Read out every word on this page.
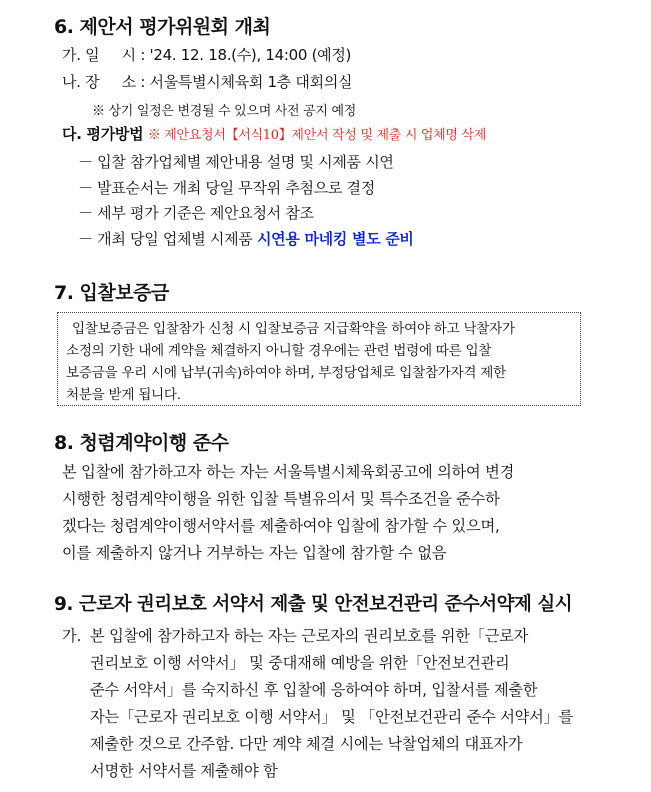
6. 제안서 평가위원회 개최
가. 일     시 : '24. 12. 18.(수), 14:00 (예정)
나. 장     소 : 서울특별시체육회 1층 대회의실
※ 상기 일정은 변경될 수 있으며 사전 공지 예정
다. 평가방법 ※ 제안요청서【서식10】제안서 작성 및 제출 시 업체명 삭제
－ 입찰 참가업체별 제안내용 설명 및 시제품 시연
－ 발표순서는 개최 당일 무작위 추첨으로 결정
－ 세부 평가 기준은 제안요청서 참조
－ 개최 당일 업체별 시제품 시연용 마네킹 별도 준비
7. 입찰보증금
입찰보증금은 입찰참가 신청 시 입찰보증금 지급확약을 하여야 하고 낙찰자가
소정의 기한 내에 계약을 체결하지 아니할 경우에는 관련 법령에 따른 입찰
보증금을 우리 시에 납부(귀속)하여야 하며, 부정당업체로 입찰참가자격 제한
처분을 받게 됩니다.
8. 청렴계약이행 준수
본 입찰에 참가하고자 하는 자는 서울특별시체육회공고에 의하여 변경
시행한 청렴계약이행을 위한 입찰 특별유의서 및 특수조건을 준수하
겠다는 청렴계약이행서약서를 제출하여야 입찰에 참가할 수 있으며,
이를 제출하지 않거나 거부하는 자는 입찰에 참가할 수 없음
9. 근로자 권리보호 서약서 제출 및 안전보건관리 준수서약제 실시
가. 본 입찰에 참가하고자 하는 자는 근로자의 권리보호를 위한「근로자
권리보호 이행 서약서」 및 중대재해 예방을 위한「안전보건관리
준수 서약서」를 숙지하신 후 입찰에 응하여야 하며, 입찰서를 제출한
자는「근로자 권리보호 이행 서약서」 및 「안전보건관리 준수 서약서」를
제출한 것으로 간주함. 다만 계약 체결 시에는 낙찰업체의 대표자가
서명한 서약서를 제출해야 함
